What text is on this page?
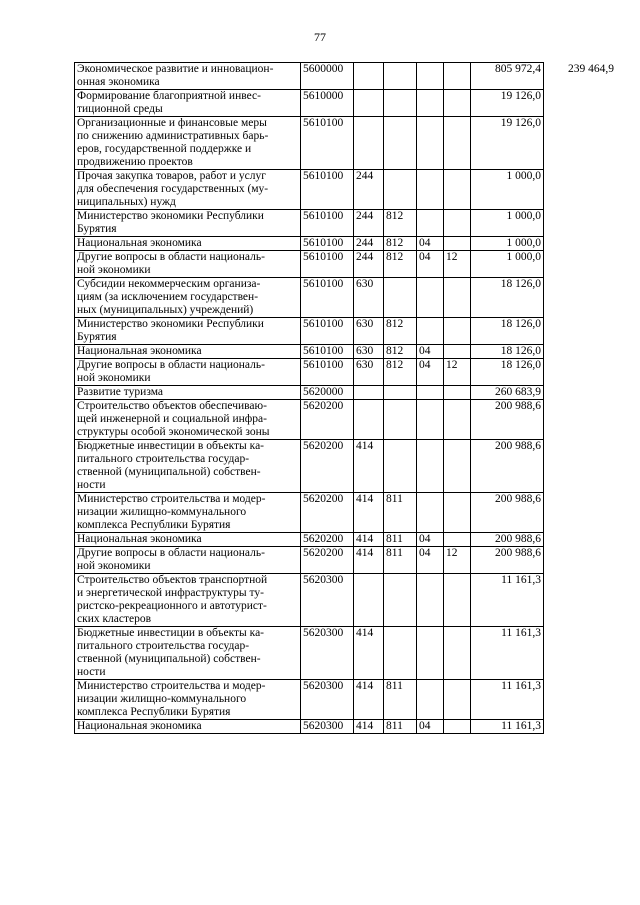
77
Экономическое развитие и инновацион-
онная экономика	5600000					805 972,4	239 464,9

Формирование благоприятной инвес-
тиционной среды	5610000					19 126,0	

Организационные и финансовые меры
по снижению административных барь-
еров, государственной поддержке и
продвижению проектов	5610100					19 126,0	

Прочая закупка товаров, работ и услуг
для обеспечения государственных (му-
ниципальных) нужд	5610100	244				1 000,0	

Министерство экономики Республики
Бурятия	5610100	244	812			1 000,0	

Национальная экономика	5610100	244	812	04		1 000,0	

Другие вопросы в области националь-
ной экономики	5610100	244	812	04	12	1 000,0	

Субсидии некоммерческим организа-
циям (за исключением государствен-
ных (муниципальных) учреждений)	5610100	630				18 126,0	

Министерство экономики Республики
Бурятия	5610100	630	812			18 126,0	

Национальная экономика	5610100	630	812	04		18 126,0	

Другие вопросы в области националь-
ной экономики	5610100	630	812	04	12	18 126,0	

Развитие туризма	5620000					260 683,9	

Строительство объектов обеспечиваю-
щей инженерной и социальной инфра-
структуры особой экономической зоны	5620200					200 988,6	

Бюджетные инвестиции в объекты ка-
питального строительства государ-
ственной (муниципальной) собствен-
ности	5620200	414				200 988,6	

Министерство строительства и модер-
низации жилищно-коммунального
комплекса Республики Бурятия	5620200	414	811			200 988,6	

Национальная экономика	5620200	414	811	04		200 988,6	

Другие вопросы в области националь-
ной экономики	5620200	414	811	04	12	200 988,6	

Строительство объектов транспортной
и энергетической инфраструктуры ту-
ристско-рекреационного и автотурист-
ских кластеров	5620300					11 161,3	

Бюджетные инвестиции в объекты ка-
питального строительства государ-
ственной (муниципальной) собствен-
ности	5620300	414				11 161,3	

Министерство строительства и модер-
низации жилищно-коммунального
комплекса Республики Бурятия	5620300	414	811			11 161,3	

Национальная экономика	5620300	414	811	04		11 161,3	
